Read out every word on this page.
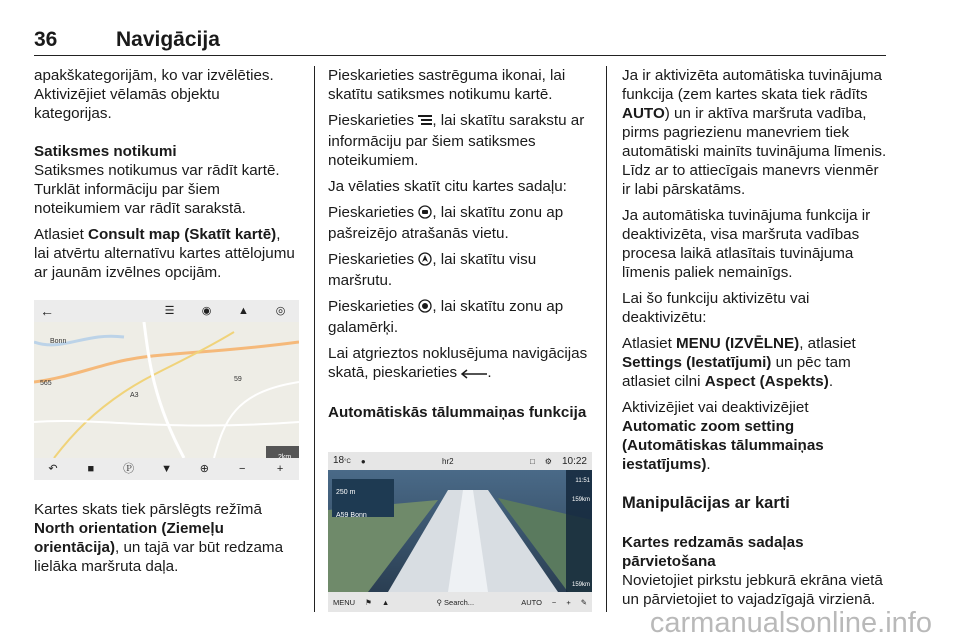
36	Navigācija

apakškategorijām, ko var izvēlēties. Aktivizējiet vēlamās objektu kategorijas.

Satiksmes notikumi

Satiksmes notikumus var rādīt kartē. Turklāt informāciju par šiem noteikumiem var rādīt sarakstā.

Atlasiet Consult map (Skatīt kartē), lai atvērtu alternatīvu kartes attēlojumu ar jaunām izvēlnes opcijām.

←	☰	◉	▲	◎
Bonn
565
A3
59
2km
↶	■	Ⓟ	▼	⊕	−	+

Kartes skats tiek pārslēgts režīmā North orientation (Ziemeļu orientācija), un tajā var būt redzama lielāka maršruta daļa.

Pieskarieties sastrēguma ikonai, lai skatītu satiksmes notikumu kartē.

Pieskarieties , lai skatītu sarakstu ar informāciju par šiem satiksmes noteikumiem.

Ja vēlaties skatīt citu kartes sadaļu:

Pieskarieties , lai skatītu zonu ap pašreizējo atrašanās vietu.

Pieskarieties , lai skatītu visu maršrutu.

Pieskarieties , lai skatītu zonu ap galamērķi.

Lai atgrieztos noklusējuma navigācijas skatā, pieskarieties .

Automātiskās tālummaiņas funkcija

18°C	●	hr2	□	⚙	10:22
250 m
A59 Bonn
11:51
159km
159km
MENU	⚑	▲	⚲ Search...	AUTO	−	+	✎

Ja ir aktivizēta automātiska tuvinājuma funkcija (zem kartes skata tiek rādīts AUTO) un ir aktīva maršruta vadība, pirms pagriezienu manevriem tiek automātiski mainīts tuvinājuma līmenis. Līdz ar to attiecīgais manevrs vienmēr ir labi pārskatāms.

Ja automātiska tuvinājuma funkcija ir deaktivizēta, visa maršruta vadības procesa laikā atlasītais tuvinājuma līmenis paliek nemainīgs.

Lai šo funkciju aktivizētu vai deaktivizētu:

Atlasiet MENU (IZVĒLNE), atlasiet Settings (Iestatījumi) un pēc tam atlasiet cilni Aspect (Aspekts).

Aktivizējiet vai deaktivizējiet
Automatic zoom setting (Automātiskas tālummaiņas iestatījums).

Manipulācijas ar karti

Kartes redzamās sadaļas pārvietošana

Novietojiet pirkstu jebkurā ekrāna vietā un pārvietojiet to vajadzīgajā virzienā.

carmanualsonline.info
